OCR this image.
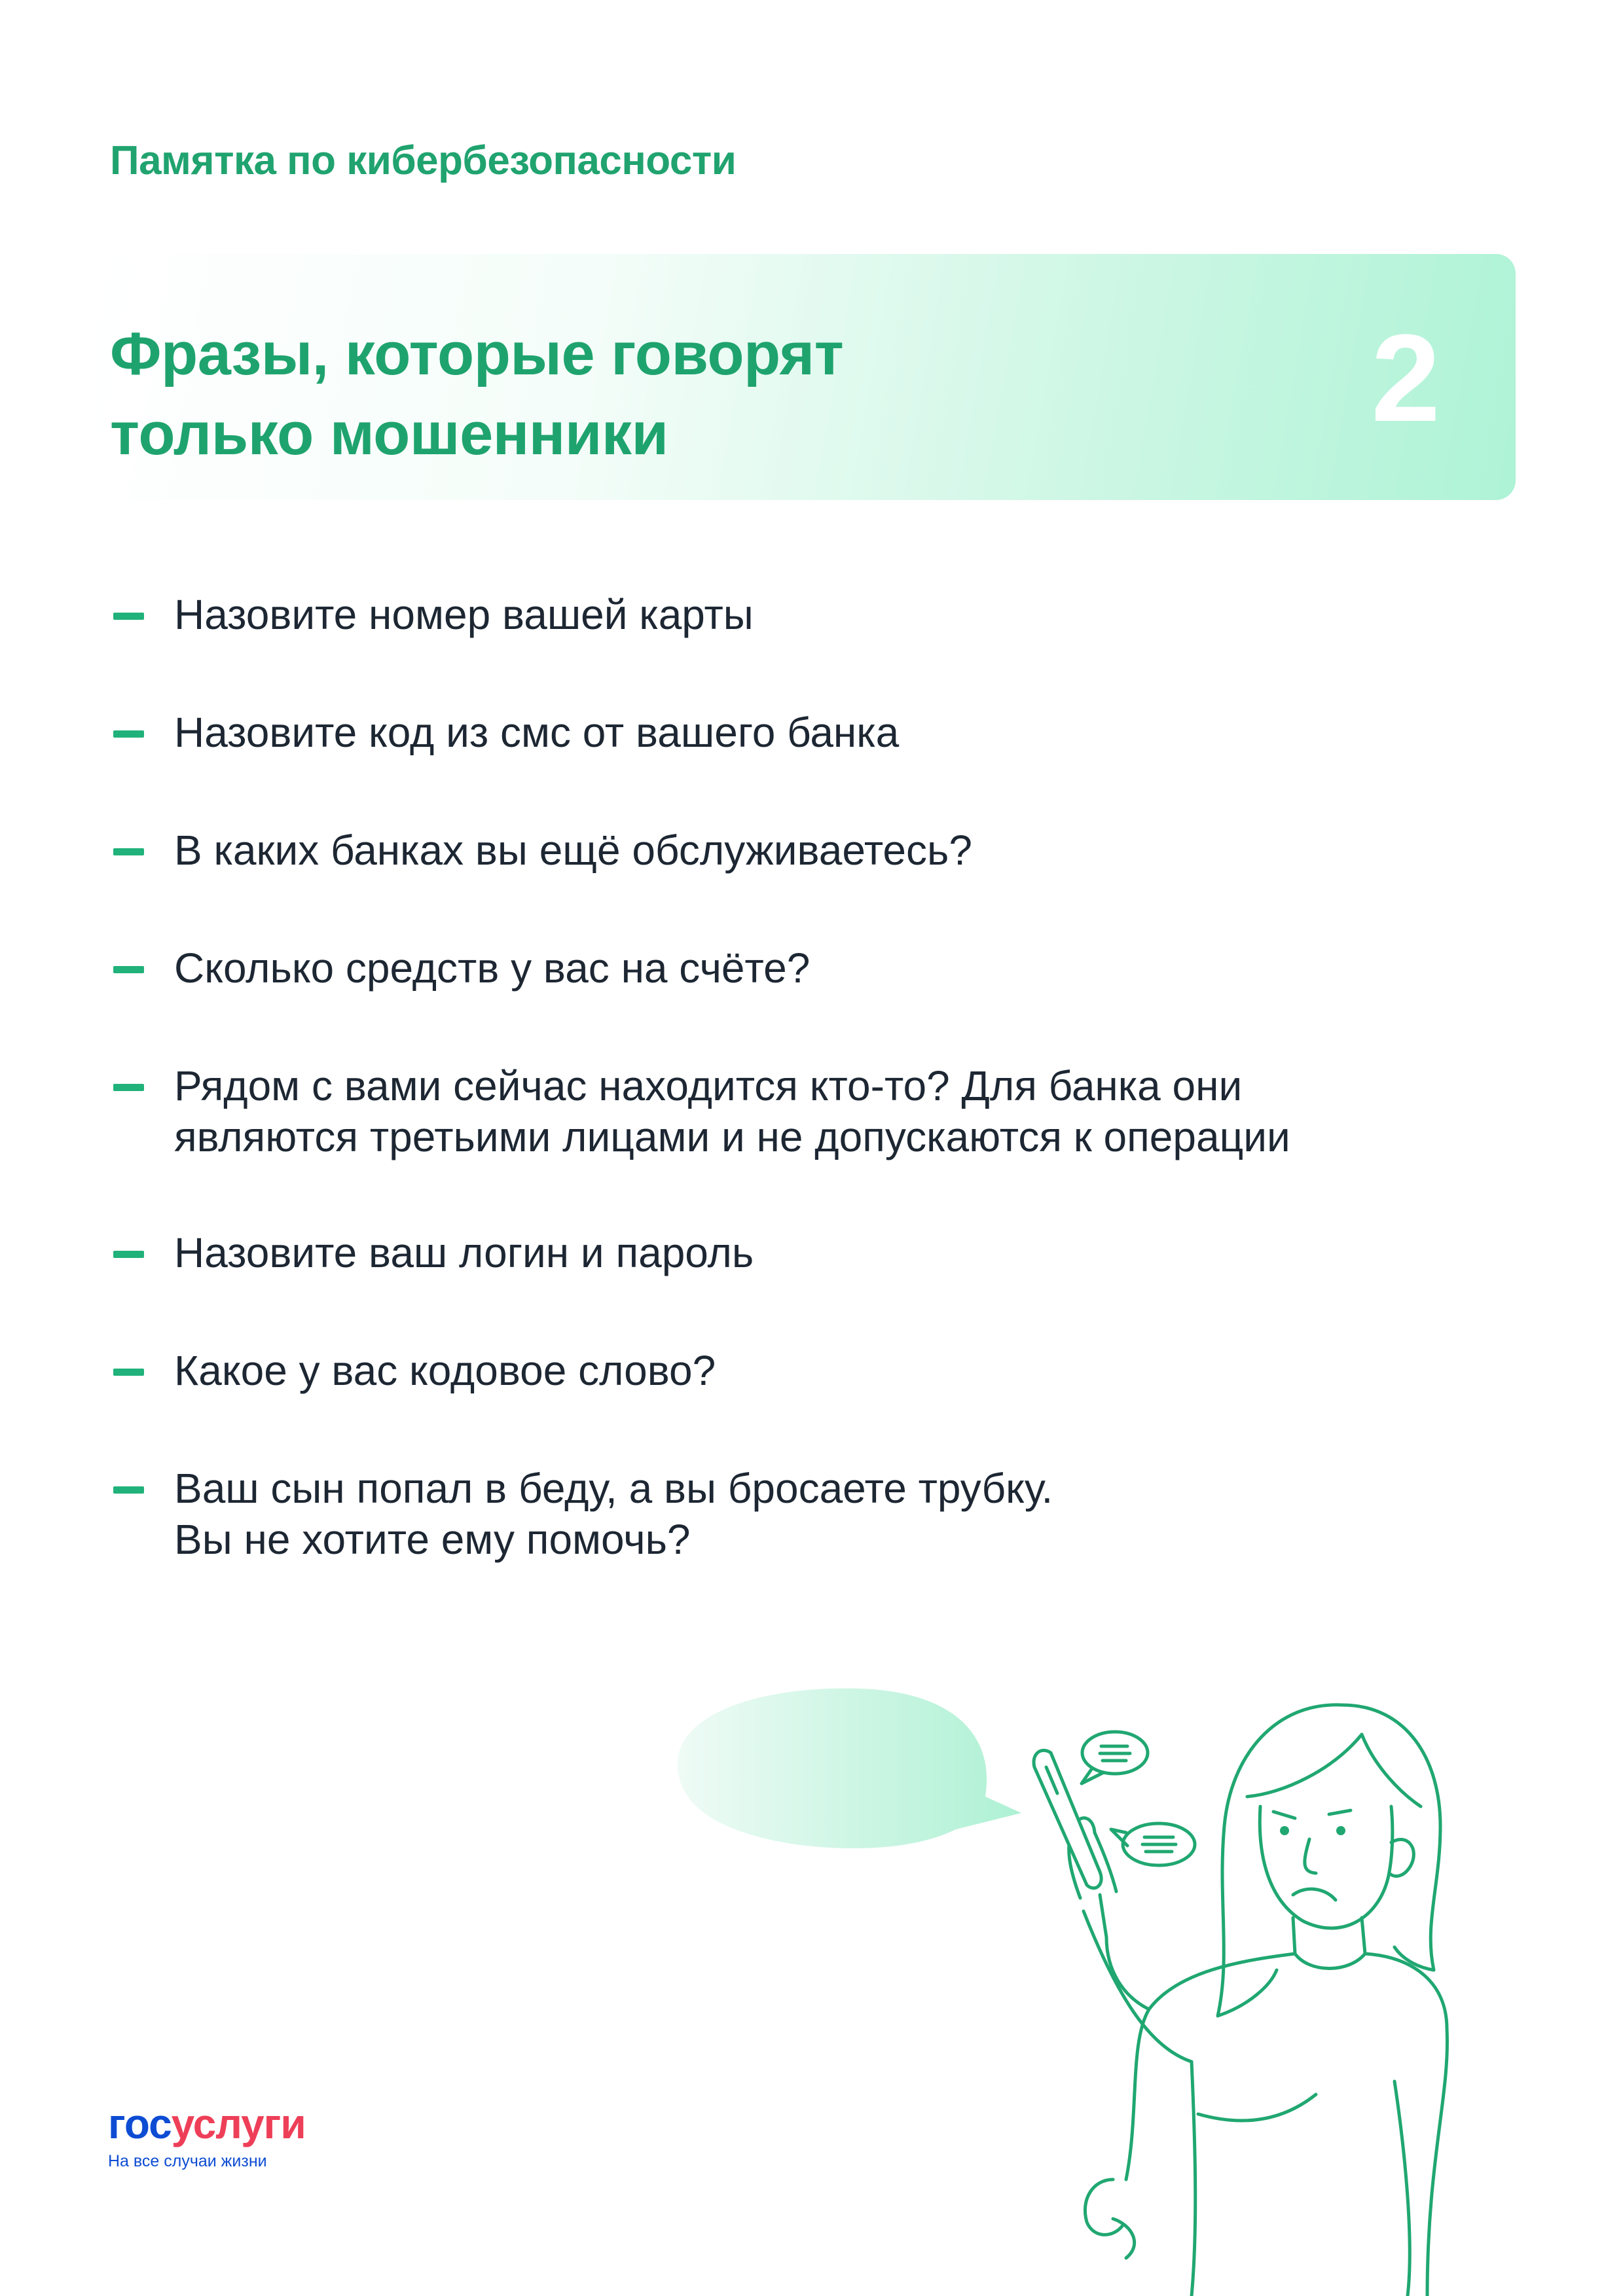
Памятка по кибербезопасности
Фразы, которые говорят
только мошенники	2
Назовите номер вашей карты
Назовите код из смс от вашего банка
В каких банках вы ещё обслуживаетесь?
Сколько средств у вас на счёте?
Рядом с вами сейчас находится кто-то? Для банка они
являются третьими лицами и не допускаются к операции
Назовите ваш логин и пароль
Какое у вас кодовое слово?
Ваш сын попал в беду, а вы бросаете трубку.
Вы не хотите ему помочь?
госуслуги
На все случаи жизни
